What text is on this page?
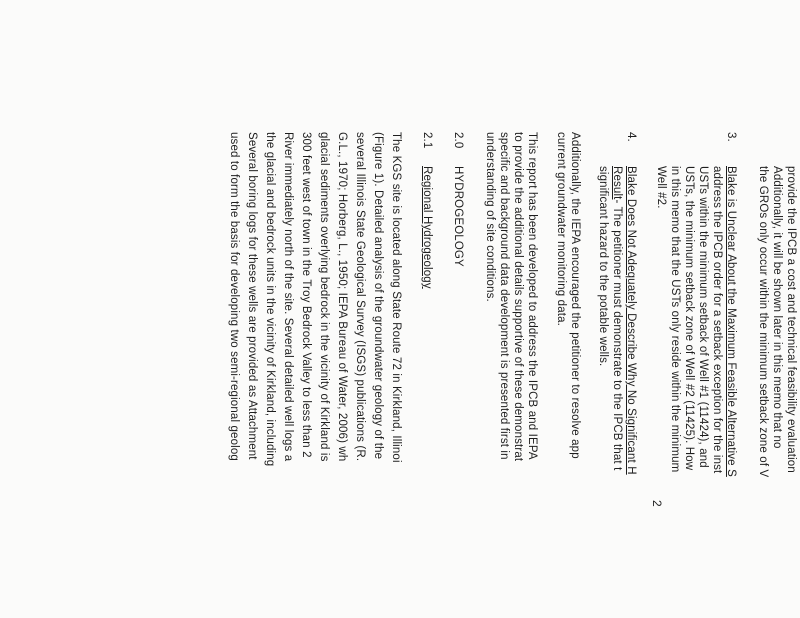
provide the IPCB a cost and technical feasibility evaluation
Additionally, it will be shown later in this memo that no
the GROs only occur within the minimum setback zone of V
3.
Blake is Unclear About the Maximum Feasible Alternative S
address the IPCB order for a setback exception for the inst
USTs within the minimum setback of Well #1 (11424), and
USTs, the minimum setback zone of Well #2 (11425). How
in this memo that the USTs only reside within the minimum
Well #2.
4.
Blake Does Not Adequately Describe Why No Significant H
Result- The petitioner must demonstrate to the IPCB that t
significant hazard to the potable wells.
Additionally, the IEPA encouraged the petitioner to resolve app
current groundwater monitoring data.
This report has been developed to address the IPCB and IEPA
to provide the additional details supportive of these demonstrat
specific and background data development is presented first in
understanding of site conditions.
2.0
HYDROGEOLOGY
2.1
Regional Hydrogeology
The KGS site is located along State Route 72 in Kirkland, Illinoi
(Figure 1). Detailed analysis of the groundwater geology of the
several Illinois State Geological Survey (ISGS) publications (R.
G.L., 1970; Horberg, L., 1950; IEPA Bureau of Water, 2006) wh
glacial sediments overlying bedrock in the vicinity of Kirkland is
300 feet west of town in the Troy Bedrock Valley to less than 2
River immediately north of the site. Several detailed well logs a
the glacial and bedrock units in the vicinity of Kirkland, including
Several boring logs for these wells are provided as Attachment
used to form the basis for developing two semi-regional geolog
2
